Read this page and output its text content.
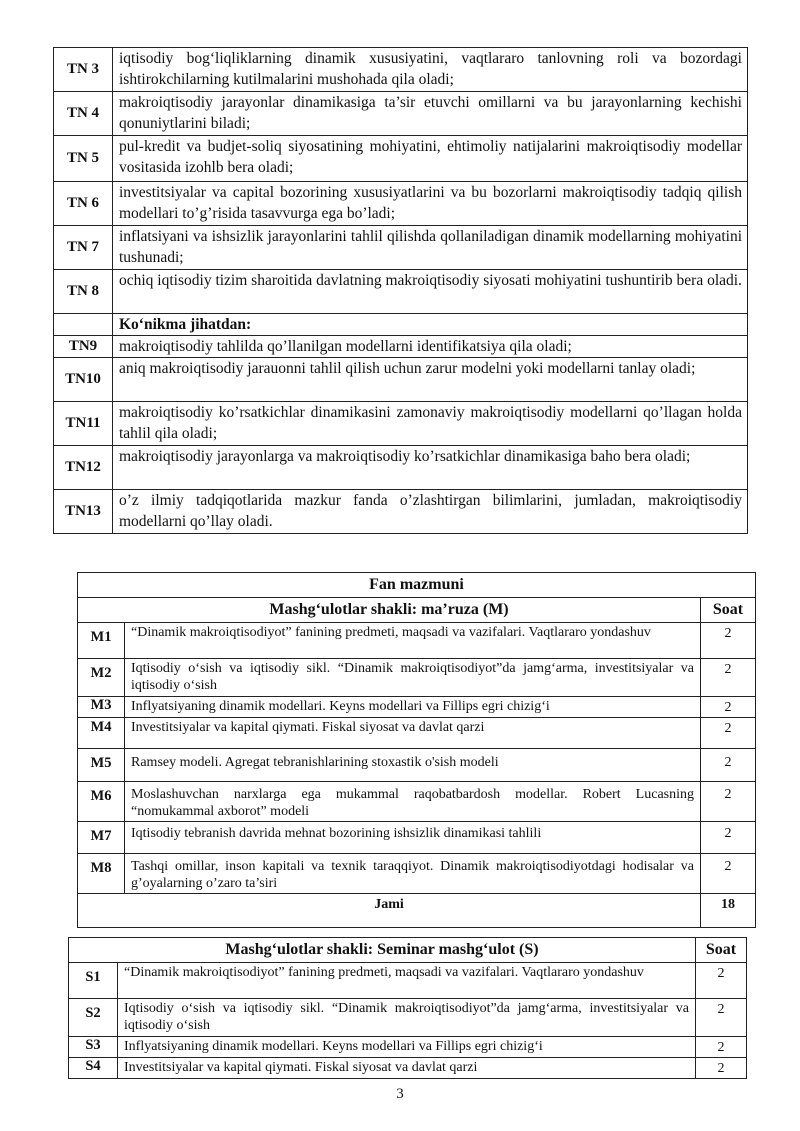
TN 3	iqtisodiy bog‘liqliklarning dinamik xususiyatini, vaqtlararo tanlovning roli va bozordagi ishtirokchilarning kutilmalarini mushohada qila oladi;
TN 4	makroiqtisodiy jarayonlar dinamikasiga ta’sir etuvchi omillarni va bu jarayonlarning kechishi qonuniytlarini biladi;
TN 5	pul-kredit va budjet-soliq siyosatining mohiyatini, ehtimoliy natijalarini makroiqtisodiy modellar vositasida izohlb bera oladi;
TN 6	investitsiyalar va capital bozorining xususiyatlarini va bu bozorlarni makroiqtisodiy tadqiq qilish modellari to’g’risida tasavvurga ega bo’ladi;
TN 7	inflatsiyani va ishsizlik jarayonlarini tahlil qilishda qollaniladigan dinamik modellarning mohiyatini tushunadi;
TN 8	ochiq iqtisodiy tizim sharoitida davlatning makroiqtisodiy siyosati mohiyatini tushuntirib bera oladi.
	Ko‘nikma jihatdan:
TN9	makroiqtisodiy tahlilda qo’llanilgan modellarni identifikatsiya qila oladi;
TN10	aniq makroiqtisodiy jarauonni tahlil qilish uchun zarur modelni yoki modellarni tanlay oladi;
TN11	makroiqtisodiy ko’rsatkichlar dinamikasini zamonaviy makroiqtisodiy modellarni qo’llagan holda tahlil qila oladi;
TN12	makroiqtisodiy jarayonlarga va makroiqtisodiy ko’rsatkichlar dinamikasiga baho bera oladi;
TN13	o’z ilmiy tadqiqotlarida mazkur fanda o’zlashtirgan bilimlarini, jumladan, makroiqtisodiy modellarni qo’llay oladi.
Fan mazmuni		
Mashg‘ulotlar shakli: ma’ruza (M)		Soat
M1	“Dinamik makroiqtisodiyot” fanining predmeti, maqsadi va vazifalari. Vaqtlararo yondashuv	2
M2	Iqtisodiy o‘sish va iqtisodiy sikl. “Dinamik makroiqtisodiyot”da jamg‘arma, investitsiyalar va iqtisodiy o‘sish	2
M3	Inflyatsiyaning dinamik modellari. Keyns modellari va Fillips egri chizig‘i	2
M4	Investitsiyalar va kapital qiymati. Fiskal siyosat va davlat qarzi	2
M5	Ramsey modeli. Agregat tebranishlarining stoxastik o'sish modeli	2
M6	Moslashuvchan narxlarga ega mukammal raqobatbardosh modellar. Robert Lucasning “nomukammal axborot” modeli	2
M7	Iqtisodiy tebranish davrida mehnat bozorining ishsizlik dinamikasi tahlili	2
M8	Tashqi omillar, inson kapitali va texnik taraqqiyot. Dinamik makroiqtisodiyotdagi hodisalar va g’oyalarning o’zaro ta’siri	2
Jami		18
Mashg‘ulotlar shakli: Seminar mashg‘ulot (S)		Soat
S1	“Dinamik makroiqtisodiyot” fanining predmeti, maqsadi va vazifalari. Vaqtlararo yondashuv	2
S2	Iqtisodiy o‘sish va iqtisodiy sikl. “Dinamik makroiqtisodiyot”da jamg‘arma, investitsiyalar va iqtisodiy o‘sish	2
S3	Inflyatsiyaning dinamik modellari. Keyns modellari va Fillips egri chizig‘i	2
S4	Investitsiyalar va kapital qiymati. Fiskal siyosat va davlat qarzi	2
3
